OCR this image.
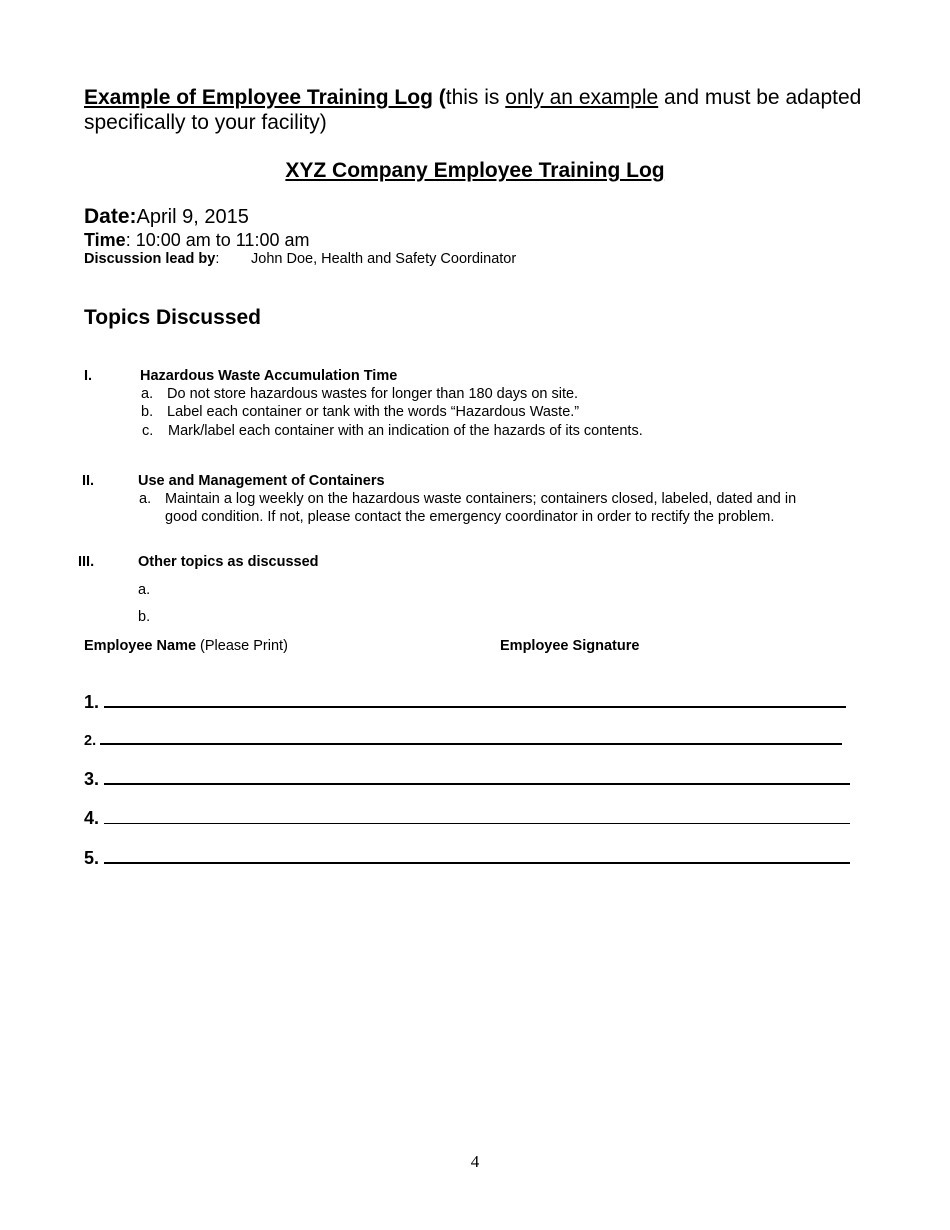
Example of Employee Training Log (this is only an example and must be adapted
specifically to your facility)
XYZ Company Employee Training Log
Date:April 9, 2015
Time: 10:00 am to 11:00 am
Discussion lead by: John Doe, Health and Safety Coordinator
Topics Discussed
I.	Hazardous Waste Accumulation Time
a. Do not store hazardous wastes for longer than 180 days on site.
b. Label each container or tank with the words “Hazardous Waste.”
c. Mark/label each container with an indication of the hazards of its contents.
II.	Use and Management of Containers
a. Maintain a log weekly on the hazardous waste containers; containers closed, labeled, dated and in
good condition. If not, please contact the emergency coordinator in order to rectify the problem.
III.	Other topics as discussed
a.
b.
Employee Name (Please Print)	Employee Signature
1.
2.
3.
4.
5.
4
